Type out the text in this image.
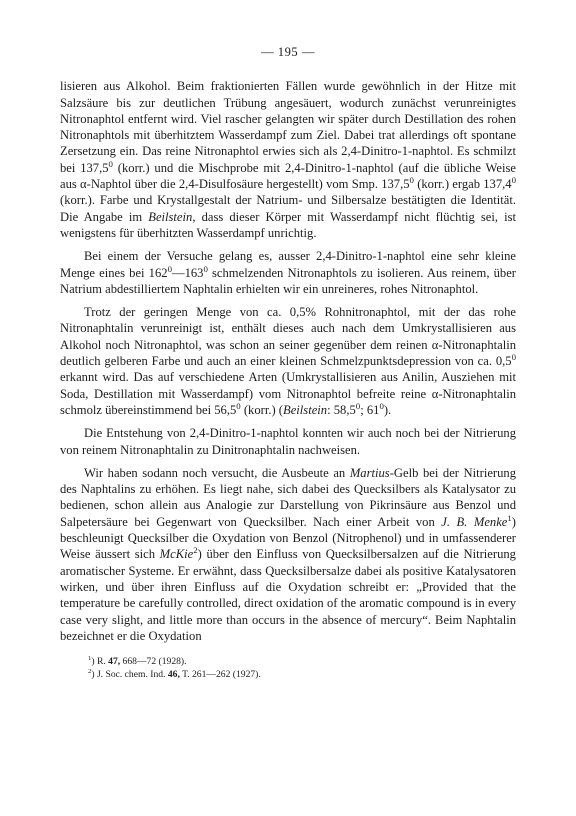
— 195 —

lisieren aus Alkohol. Beim fraktionierten Fällen wurde gewöhnlich in der Hitze mit Salzsäure bis zur deutlichen Trübung angesäuert, wodurch zunächst verunreinigtes Nitronaphtol entfernt wird. Viel rascher gelangten wir später durch Destillation des rohen Nitronaphtols mit überhitztem Wasserdampf zum Ziel. Dabei trat allerdings oft spontane Zersetzung ein. Das reine Nitronaphtol erwies sich als 2,4-Dinitro-1-naphtol. Es schmilzt bei 137,5$^0$ (korr.) und die Mischprobe mit 2,4-Dinitro-1-naphtol (auf die übliche Weise aus α-Naphtol über die 2,4-Disulfosäure hergestellt) vom Smp. 137,5$^0$ (korr.) ergab 137,4$^0$ (korr.). Farbe und Krystallgestalt der Natrium- und Silbersalze bestätigten die Identität. Die Angabe im Beilstein, dass dieser Körper mit Wasserdampf nicht flüchtig sei, ist wenigstens für überhitzten Wasserdampf unrichtig.

Bei einem der Versuche gelang es, ausser 2,4-Dinitro-1-naphtol eine sehr kleine Menge eines bei $162^0—163^0$ schmelzenden Nitronaphtols zu isolieren. Aus reinem, über Natrium abdestilliertem Naphtalin erhielten wir ein unreineres, rohes Nitronaphtol.

Trotz der geringen Menge von ca. 0,5% Rohnitronaphtol, mit der das rohe Nitronaphtalin verunreinigt ist, enthält dieses auch nach dem Umkrystallisieren aus Alkohol noch Nitronaphtol, was schon an seiner gegenüber dem reinen α-Nitronaphtalin deutlich gelberen Farbe und auch an einer kleinen Schmelzpunktsdepression von ca. $0,5^0$ erkannt wird. Das auf verschiedene Arten (Umkrystallisieren aus Anilin, Ausziehen mit Soda, Destillation mit Wasserdampf) vom Nitronaphtol befreite reine α-Nitronaphtalin schmolz übereinstimmend bei 56,5$^0$ (korr.) (Beilstein: 58,5$^0$; $61^0$).

Die Entstehung von 2,4-Dinitro-1-naphtol konnten wir auch noch bei der Nitrierung von reinem Nitronaphtalin zu Dinitronaphtalin nachweisen.

Wir haben sodann noch versucht, die Ausbeute an Martius-Gelb bei der Nitrierung des Naphtalins zu erhöhen. Es liegt nahe, sich dabei des Quecksilbers als Katalysator zu bedienen, schon allein aus Analogie zur Darstellung von Pikrinsäure aus Benzol und Salpetersäure bei Gegenwart von Quecksilber. Nach einer Arbeit von J. B. Menke$^1$) beschleunigt Quecksilber die Oxydation von Benzol (Nitrophenol) und in umfassenderer Weise äussert sich McKie$^2$) über den Einfluss von Quecksilbersalzen auf die Nitrierung aromatischer Systeme. Er erwähnt, dass Quecksilbersalze dabei als positive Katalysatoren wirken, und über ihren Einfluss auf die Oxydation schreibt er: „Provided that the temperature be carefully controlled, direct oxidation of the aromatic compound is in every case very slight, and little more than occurs in the absence of mercury“. Beim Naphtalin bezeichnet er die Oxydation

$^1$) R. 47, 668—72 (1928).
$^2$) J. Soc. chem. Ind. 46, T. 261—262 (1927).
